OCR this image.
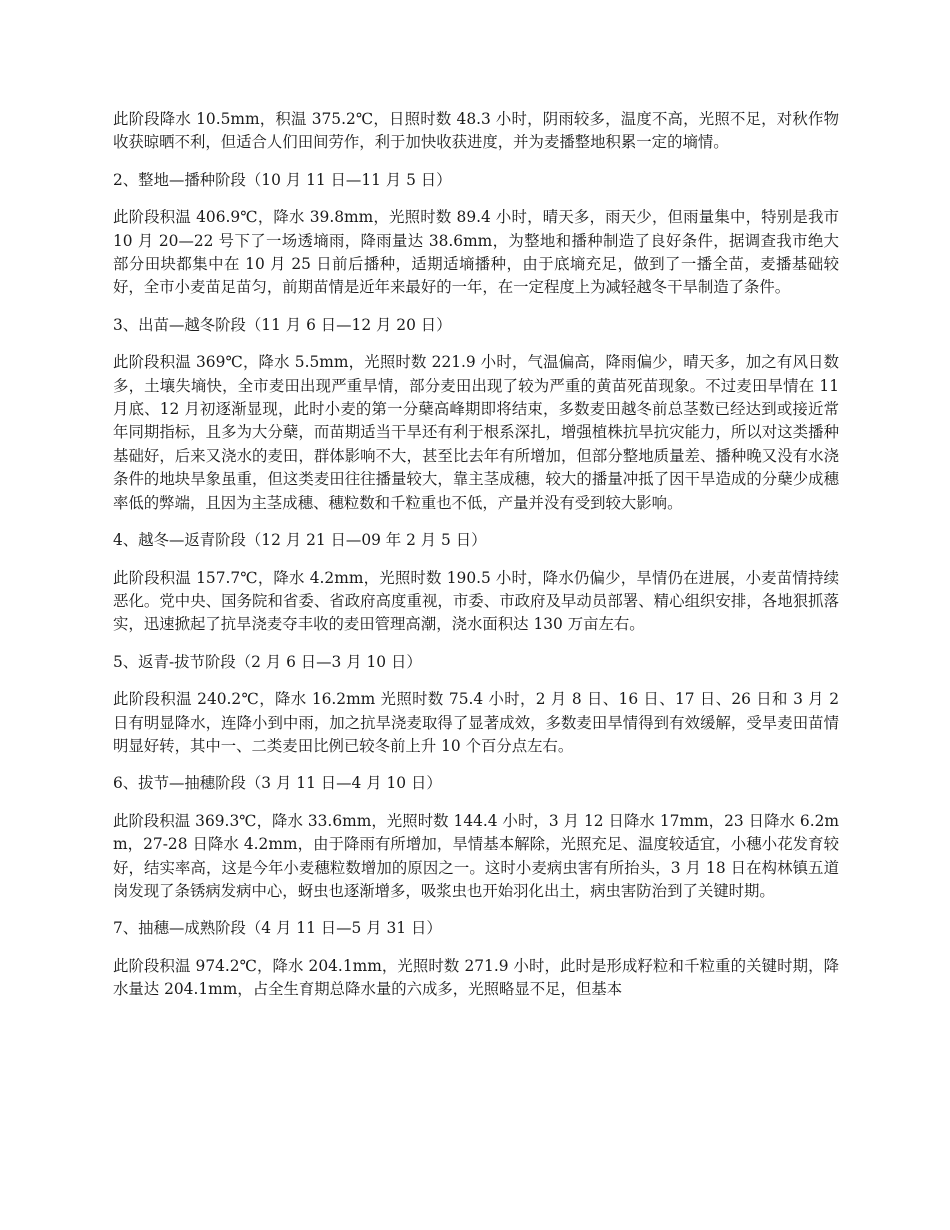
此阶段降水 10.5mm，积温 375.2℃，日照时数 48.3 小时，阴雨较多，温度不高，光照不足，对秋作物收获晾晒不利，但适合人们田间劳作，利于加快收获进度，并为麦播整地积累一定的墒情。

2、整地—播种阶段（10 月 11 日—11 月 5 日）

此阶段积温 406.9℃，降水 39.8mm，光照时数 89.4 小时，晴天多，雨天少，但雨量集中，特别是我市 10 月 20—22 号下了一场透墒雨，降雨量达 38.6mm，为整地和播种制造了良好条件，据调查我市绝大部分田块都集中在 10 月 25 日前后播种，适期适墒播种，由于底墒充足，做到了一播全苗，麦播基础较好，全市小麦苗足苗匀，前期苗情是近年来最好的一年，在一定程度上为减轻越冬干旱制造了条件。

3、出苗—越冬阶段（11 月 6 日—12 月 20 日）

此阶段积温 369℃，降水 5.5mm，光照时数 221.9 小时，气温偏高，降雨偏少，晴天多，加之有风日数多，土壤失墒快，全市麦田出现严重旱情，部分麦田出现了较为严重的黄苗死苗现象。不过麦田旱情在 11 月底、12 月初逐渐显现，此时小麦的第一分蘖高峰期即将结束，多数麦田越冬前总茎数已经达到或接近常年同期指标，且多为大分蘖，而苗期适当干旱还有利于根系深扎，增强植株抗旱抗灾能力，所以对这类播种基础好，后来又浇水的麦田，群体影响不大，甚至比去年有所增加，但部分整地质量差、播种晚又没有水浇条件的地块旱象虽重，但这类麦田往往播量较大，靠主茎成穗，较大的播量冲抵了因干旱造成的分蘖少成穗率低的弊端，且因为主茎成穗、穗粒数和千粒重也不低，产量并没有受到较大影响。

4、越冬—返青阶段（12 月 21 日—09 年 2 月 5 日）

此阶段积温 157.7℃，降水 4.2mm，光照时数 190.5 小时，降水仍偏少，旱情仍在进展，小麦苗情持续恶化。党中央、国务院和省委、省政府高度重视，市委、市政府及早动员部署、精心组织安排，各地狠抓落实，迅速掀起了抗旱浇麦夺丰收的麦田管理高潮，浇水面积达 130 万亩左右。

5、返青-拔节阶段（2 月 6 日—3 月 10 日）

此阶段积温 240.2℃，降水 16.2mm 光照时数 75.4 小时，2 月 8 日、16 日、17 日、26 日和 3 月 2 日有明显降水，连降小到中雨，加之抗旱浇麦取得了显著成效，多数麦田旱情得到有效缓解，受旱麦田苗情明显好转，其中一、二类麦田比例已较冬前上升 10 个百分点左右。

6、拔节—抽穗阶段（3 月 11 日—4 月 10 日）

此阶段积温 369.3℃，降水 33.6mm，光照时数 144.4 小时，3 月 12 日降水 17mm，23 日降水 6.2mm，27-28 日降水 4.2mm，由于降雨有所增加，旱情基本解除，光照充足、温度较适宜，小穗小花发育较好，结实率高，这是今年小麦穗粒数增加的原因之一。这时小麦病虫害有所抬头，3 月 18 日在构林镇五道岗发现了条锈病发病中心，蚜虫也逐渐增多，吸浆虫也开始羽化出土，病虫害防治到了关键时期。

7、抽穗—成熟阶段（4 月 11 日—5 月 31 日）

此阶段积温 974.2℃，降水 204.1mm，光照时数 271.9 小时，此时是形成籽粒和千粒重的关键时期，降水量达 204.1mm，占全生育期总降水量的六成多，光照略显不足，但基本
